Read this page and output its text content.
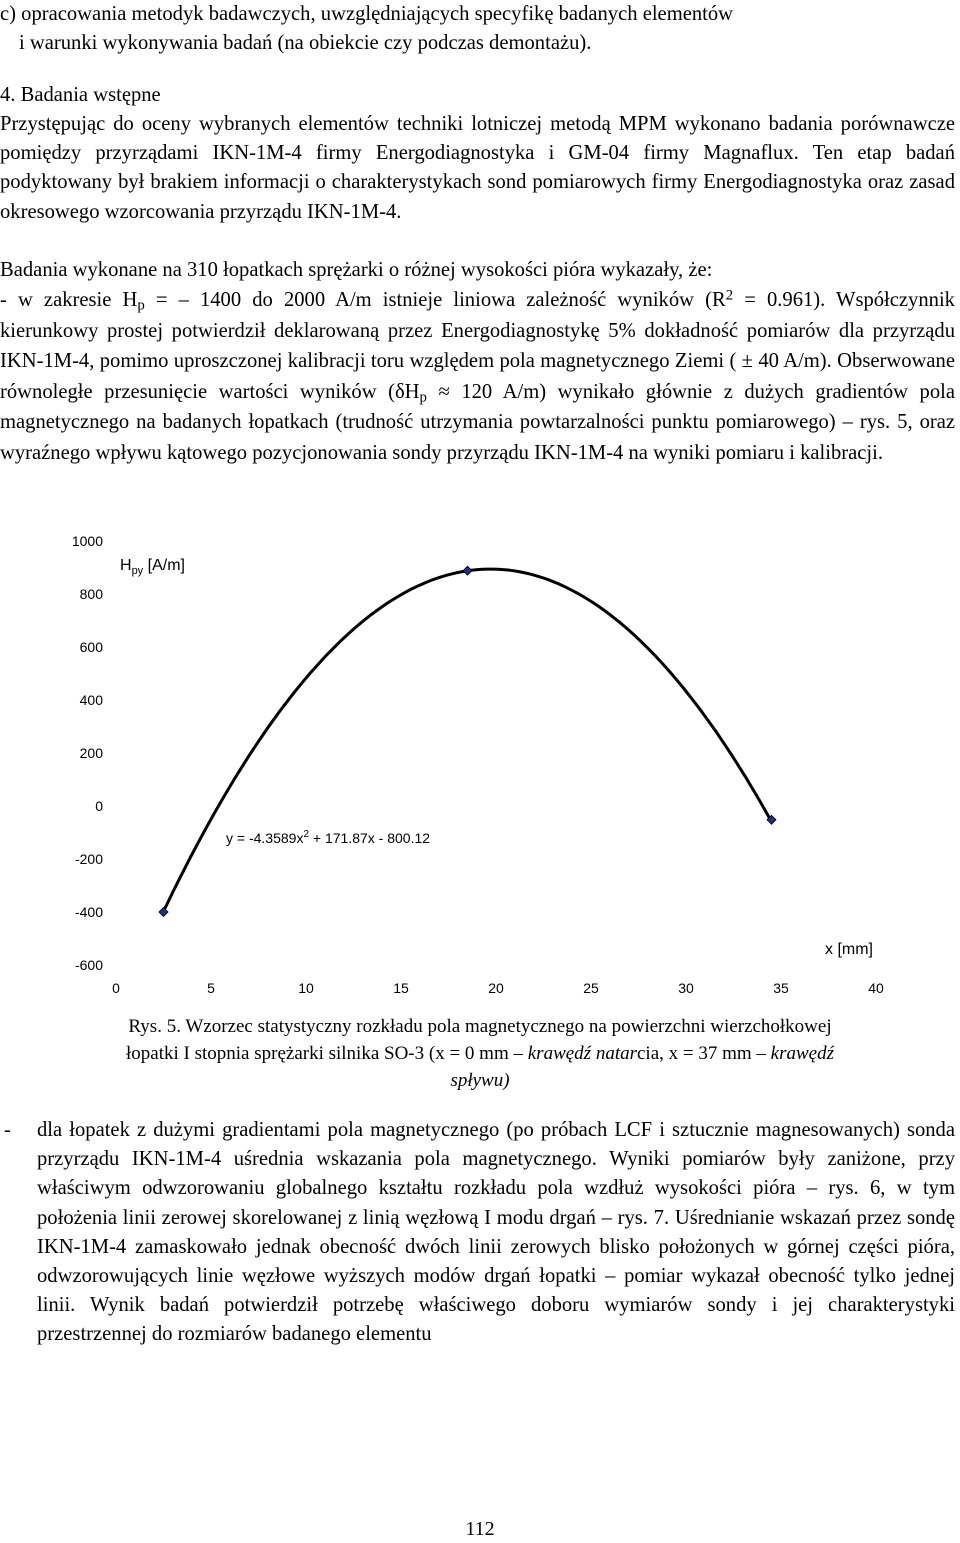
c) opracowania metodyk badawczych, uwzględniających specyfikę badanych elementów

i warunki wykonywania badań (na obiekcie czy podczas demontażu).

4. Badania wstępne

Przystępując do oceny wybranych elementów techniki lotniczej metodą MPM wykonano badania porównawcze pomiędzy przyrządami IKN-1M-4 firmy Energodiagnostyka i GM-04 firmy Magnaflux. Ten etap badań podyktowany był brakiem informacji o charakterystykach sond pomiarowych firmy Energodiagnostyka oraz zasad okresowego wzorcowania przyrządu IKN-1M-4.

Badania wykonane na 310 łopatkach sprężarki o różnej wysokości pióra wykazały, że:

- w zakresie $H_p$ = – 1400 do 2000 A/m istnieje liniowa zależność wyników $(R^2 = 0.961)$. Współczynnik kierunkowy prostej potwierdził deklarowaną przez Energodiagnostykę 5% dokładność pomiarów dla przyrządu IKN-1M-4, pomimo uproszczonej kalibracji toru względem pola magnetycznego Ziemi ( ± 40 A/m). Obserwowane równoległe przesunięcie wartości wyników ($\delta H_p \approx 120$ A/m) wynikało głównie z dużych gradientów pola magnetycznego na badanych łopatkach (trudność utrzymania powtarzalności punktu pomiarowego) – rys. 5, oraz wyraźnego wpływu kątowego pozycjonowania sondy przyrządu IKN-1M-4 na wyniki pomiaru i kalibracji.

1000
800
600
400
200
0
-200
-400
-600
0	5	10	15	20	25	30	35	40
$H_{py}$ [A/m]
x [mm]
$y = -4.3589x^2 + 171.87x - 800.12$
Rys. 5. Wzorzec statystyczny rozkładu pola magnetycznego na powierzchni wierzchołkowej
łopatki I stopnia sprężarki silnika SO-3 (x = 0 mm – krawędź natarcia, x = 37 mm – krawędź
spływu)
- dla łopatek z dużymi gradientami pola magnetycznego (po próbach LCF i sztucznie magnesowanych) sonda przyrządu IKN-1M-4 uśrednia wskazania pola magnetycznego. Wyniki pomiarów były zaniżone, przy właściwym odwzorowaniu globalnego kształtu rozkładu pola wzdłuż wysokości pióra – rys. 6, w tym położenia linii zerowej skorelowanej z linią węzłową I modu drgań – rys. 7. Uśrednianie wskazań przez sondę IKN-1M-4 zamaskowało jednak obecność dwóch linii zerowych blisko położonych w górnej części pióra, odwzorowujących linie węzłowe wyższych modów drgań łopatki – pomiar wykazał obecność tylko jednej linii. Wynik badań potwierdził potrzebę właściwego doboru wymiarów sondy i jej charakterystyki przestrzennej do rozmiarów badanego elementu

112
